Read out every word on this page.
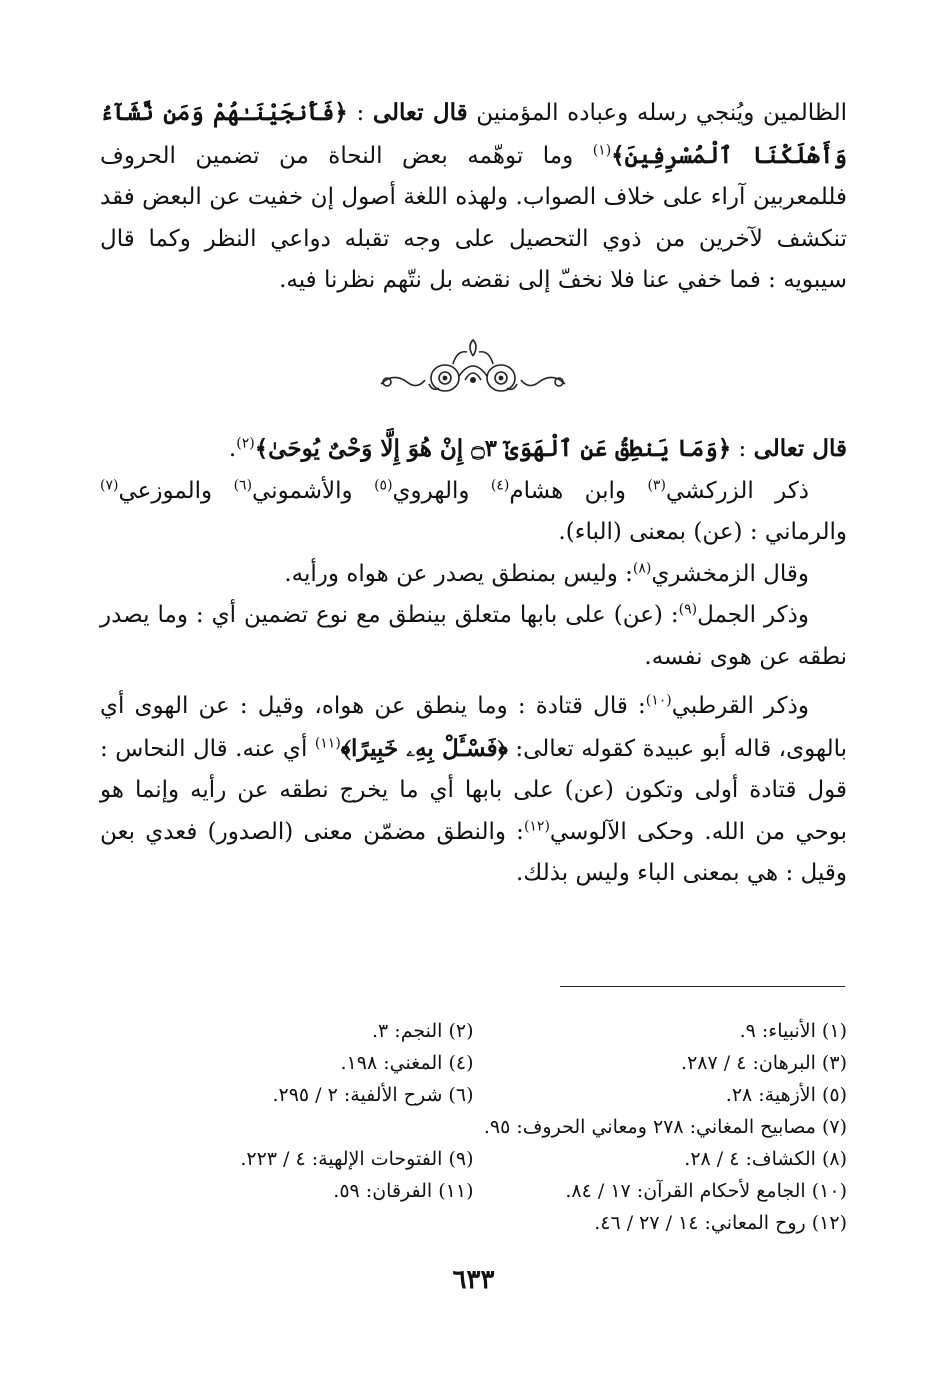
الظالمين ويُنجي رسله وعباده المؤمنين قال تعالى : ﴿فَأَنجَيْنَـٰهُمْ وَمَن نَّشَآءُ وَأَهْلَكْنَا ٱلْمُسْرِفِينَ﴾$^{(١)}$ وما توهّمه بعض النحاة من تضمين الحروف فللمعربين آراء على خلاف الصواب. ولهذه اللغة أصول إن خفيت عن البعض فقد تنكشف لآخرين من ذوي التحصيل على وجه تقبله دواعي النظر وكما قال سيبويه : فما خفي عنا فلا نخفّ إلى نقضه بل نتّهم نظرنا فيه.

قال تعالى : ﴿وَمَا يَنطِقُ عَنِ ٱلْهَوَىٰٓ ۝٣ إِنْ هُوَ إِلَّا وَحْىٌ يُوحَىٰ﴾$^{(٢)}$.

ذكر الزركشي$^{(٣)}$ وابن هشام$^{(٤)}$ والهروي$^{(٥)}$ والأشموني$^{(٦)}$ والموزعي$^{(٧)}$ والرماني : (عن) بمعنى (الباء).

وقال الزمخشري$^{(٨)}$: وليس بمنطق يصدر عن هواه ورأيه.

وذكر الجمل$^{(٩)}$: (عن) على بابها متعلق بينطق مع نوع تضمين أي : وما يصدر نطقه عن هوى نفسه.

وذكر القرطبي$^{(١٠)}$: قال قتادة : وما ينطق عن هواه، وقيل : عن الهوى أي بالهوى، قاله أبو عبيدة كقوله تعالى: ﴿فَسْـَٔلْ بِهِۦ خَبِيرًا﴾$^{(١١)}$ أي عنه. قال النحاس : قول قتادة أولى وتكون (عن) على بابها أي ما يخرج نطقه عن رأيه وإنما هو بوحي من الله. وحكى الآلوسي$^{(١٢)}$: والنطق مضمّن معنى (الصدور) فعدي بعن وقيل : هي بمعنى الباء وليس بذلك.

(١) الأنبياء: ٩.
(٢) النجم: ٣.
(٣) البرهان: ٤ / ٢٨٧.
(٤) المغني: ١٩٨.
(٥) الأزهية: ٢٨.
(٦) شرح الألفية: ٢ / ٢٩٥.
(٧) مصابيح المغاني: ٢٧٨ ومعاني الحروف: ٩٥.
(٨) الكشاف: ٤ / ٢٨.
(٩) الفتوحات الإلهية: ٤ / ٢٢٣.
(١٠) الجامع لأحكام القرآن: ١٧ / ٨٤.
(١١) الفرقان: ٥٩.
(١٢) روح المعاني: ١٤ / ٢٧ / ٤٦.
٦٣٣
